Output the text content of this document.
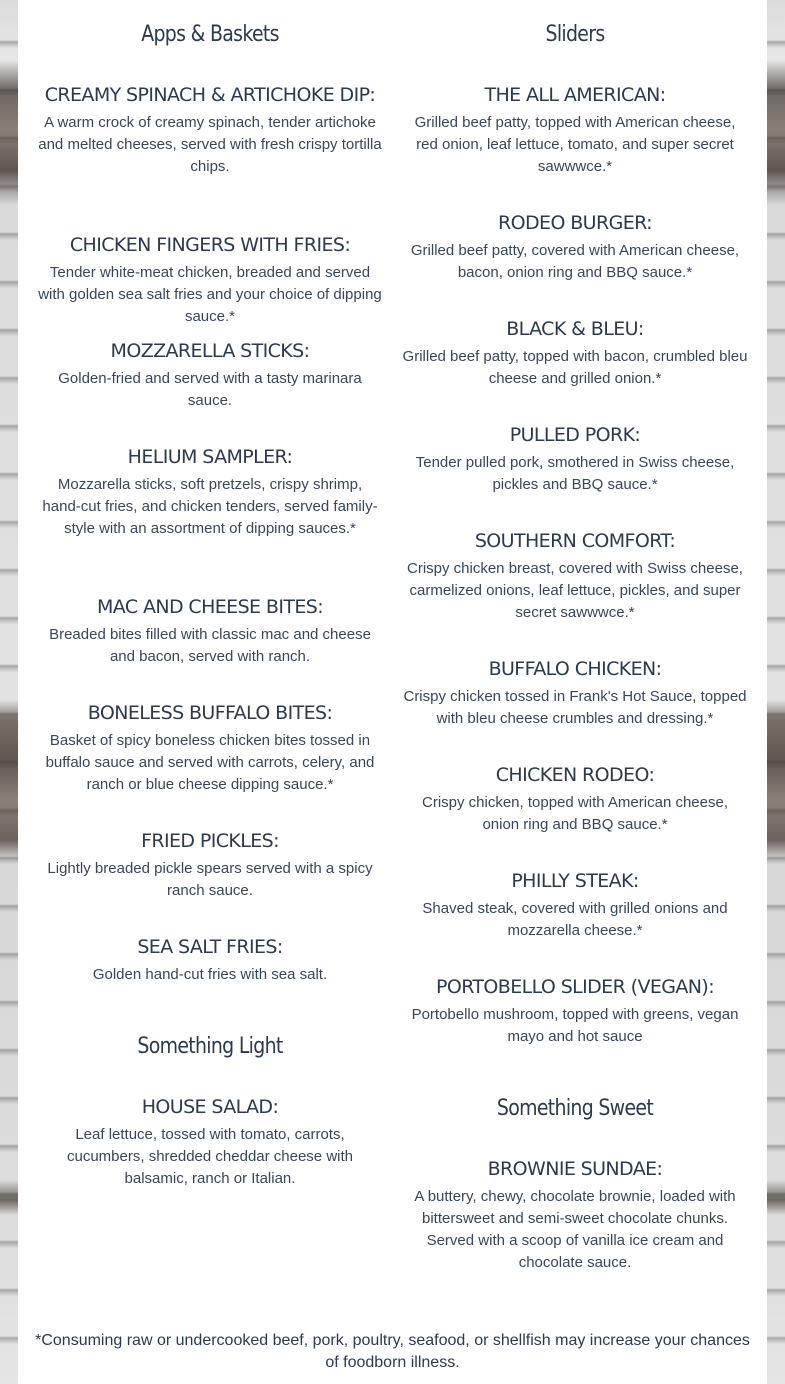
Apps & Baskets
CREAMY SPINACH & ARTICHOKE DIP:

A warm crock of creamy spinach, tender artichoke and melted cheeses, served with fresh crispy tortilla chips.

CHICKEN FINGERS WITH FRIES:

Tender white-meat chicken, breaded and served with golden sea salt fries and your choice of dipping sauce.*

MOZZARELLA STICKS:

Golden-fried and served with a tasty marinara sauce.

HELIUM SAMPLER:

Mozzarella sticks, soft pretzels, crispy shrimp, hand-cut fries, and chicken tenders, served family-style with an assortment of dipping sauces.*

MAC AND CHEESE BITES:

Breaded bites filled with classic mac and cheese and bacon, served with ranch.

BONELESS BUFFALO BITES:

Basket of spicy boneless chicken bites tossed in buffalo sauce and served with carrots, celery, and ranch or blue cheese dipping sauce.*

FRIED PICKLES:

Lightly breaded pickle spears served with a spicy ranch sauce.

SEA SALT FRIES:

Golden hand-cut fries with sea salt.

Something Light
HOUSE SALAD:

Leaf lettuce, tossed with tomato, carrots, cucumbers, shredded cheddar cheese with balsamic, ranch or Italian.

Sliders
THE ALL AMERICAN:

Grilled beef patty, topped with American cheese, red onion, leaf lettuce, tomato, and super secret sawwwce.*

RODEO BURGER:

Grilled beef patty, covered with American cheese, bacon, onion ring and BBQ sauce.*

BLACK & BLEU:

Grilled beef patty, topped with bacon, crumbled bleu cheese and grilled onion.*

PULLED PORK:

Tender pulled pork, smothered in Swiss cheese, pickles and BBQ sauce.*

SOUTHERN COMFORT:

Crispy chicken breast, covered with Swiss cheese, carmelized onions, leaf lettuce, pickles, and super secret sawwwce.*

BUFFALO CHICKEN:

Crispy chicken tossed in Frank's Hot Sauce, topped with bleu cheese crumbles and dressing.*

CHICKEN RODEO:

Crispy chicken, topped with American cheese, onion ring and BBQ sauce.*

PHILLY STEAK:

Shaved steak, covered with grilled onions and mozzarella cheese.*

PORTOBELLO SLIDER (VEGAN):

Portobello mushroom, topped with greens, vegan mayo and hot sauce

Something Sweet
BROWNIE SUNDAE:

A buttery, chewy, chocolate brownie, loaded with bittersweet and semi-sweet chocolate chunks. Served with a scoop of vanilla ice cream and chocolate sauce.

*Consuming raw or undercooked beef, pork, poultry, seafood, or shellfish may increase your chances of foodborn illness.
